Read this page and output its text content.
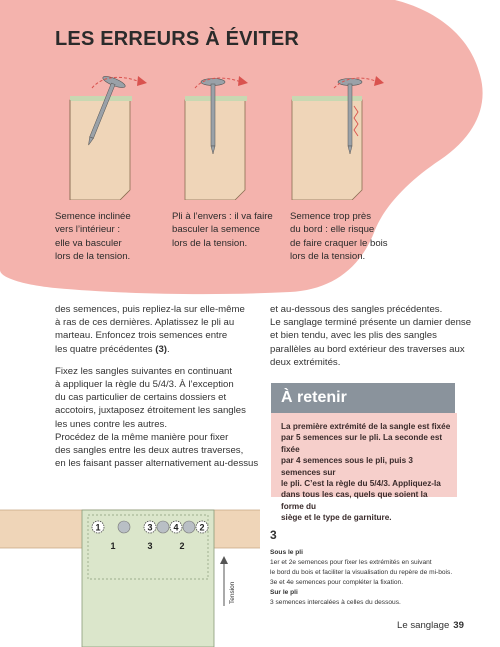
LES ERREURS À ÉVITER
Semence inclinée
vers l’intérieur :
elle va basculer
lors de la tension.
Pli à l’envers : il va faire
basculer la semence
lors de la tension.
Semence trop près
du bord : elle risque
de faire craquer le bois
lors de la tension.

des semences, puis repliez-la sur elle-même
à ras de ces dernières. Aplatissez le pli au
marteau. Enfoncez trois semences entre
les quatre précédentes (3).

Fixez les sangles suivantes en continuant
à appliquer la règle du 5/4/3. À l’exception
du cas particulier de certains dossiers et
accotoirs, juxtaposez étroitement les sangles
les unes contre les autres.
Procédez de la même manière pour fixer
des sangles entre les deux autres traverses,
en les faisant passer alternativement au-dessus

et au-dessous des sangles précédentes.
Le sanglage terminé présente un damier dense
et bien tendu, avec les plis des sangles
parallèles au bord extérieur des traverses aux
deux extrémités.

À retenir
La première extrémité de la sangle est fixée
par 5 semences sur le pli. La seconde est fixée
par 4 semences sous le pli, puis 3 semences sur
le pli. C’est la règle du 5/4/3. Appliquez-la
dans tous les cas, quels que soient la forme du
siège et le type de garniture.
1	3 4 2
1	3	2
Tension
3
Sous le pli
1er et 2e semences pour fixer les extrémités en suivant
le bord du bois et faciliter la visualisation du repère de mi-bois.
3e et 4e semences pour compléter la fixation.
Sur le pli
3 semences intercalées à celles du dessous.
Le sanglage 39
